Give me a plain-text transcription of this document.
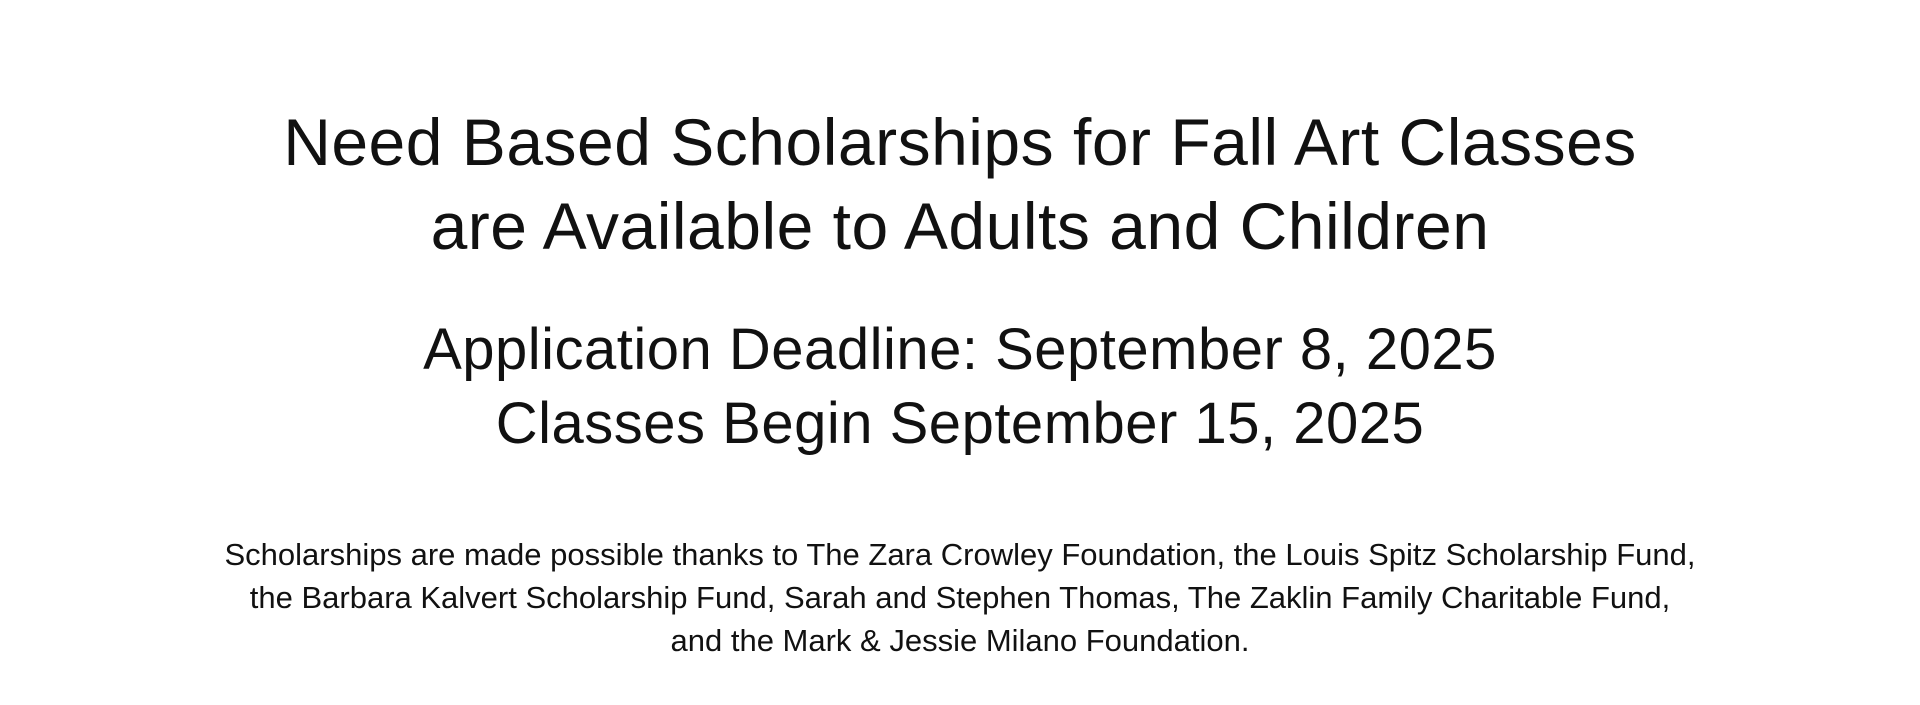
Need Based Scholarships for Fall Art Classes
are Available to Adults and Children
Application Deadline: September 8, 2025
Classes Begin September 15, 2025
Scholarships are made possible thanks to The Zara Crowley Foundation, the Louis Spitz Scholarship Fund,
the Barbara Kalvert Scholarship Fund, Sarah and Stephen Thomas, The Zaklin Family Charitable Fund,
and the Mark & Jessie Milano Foundation.
